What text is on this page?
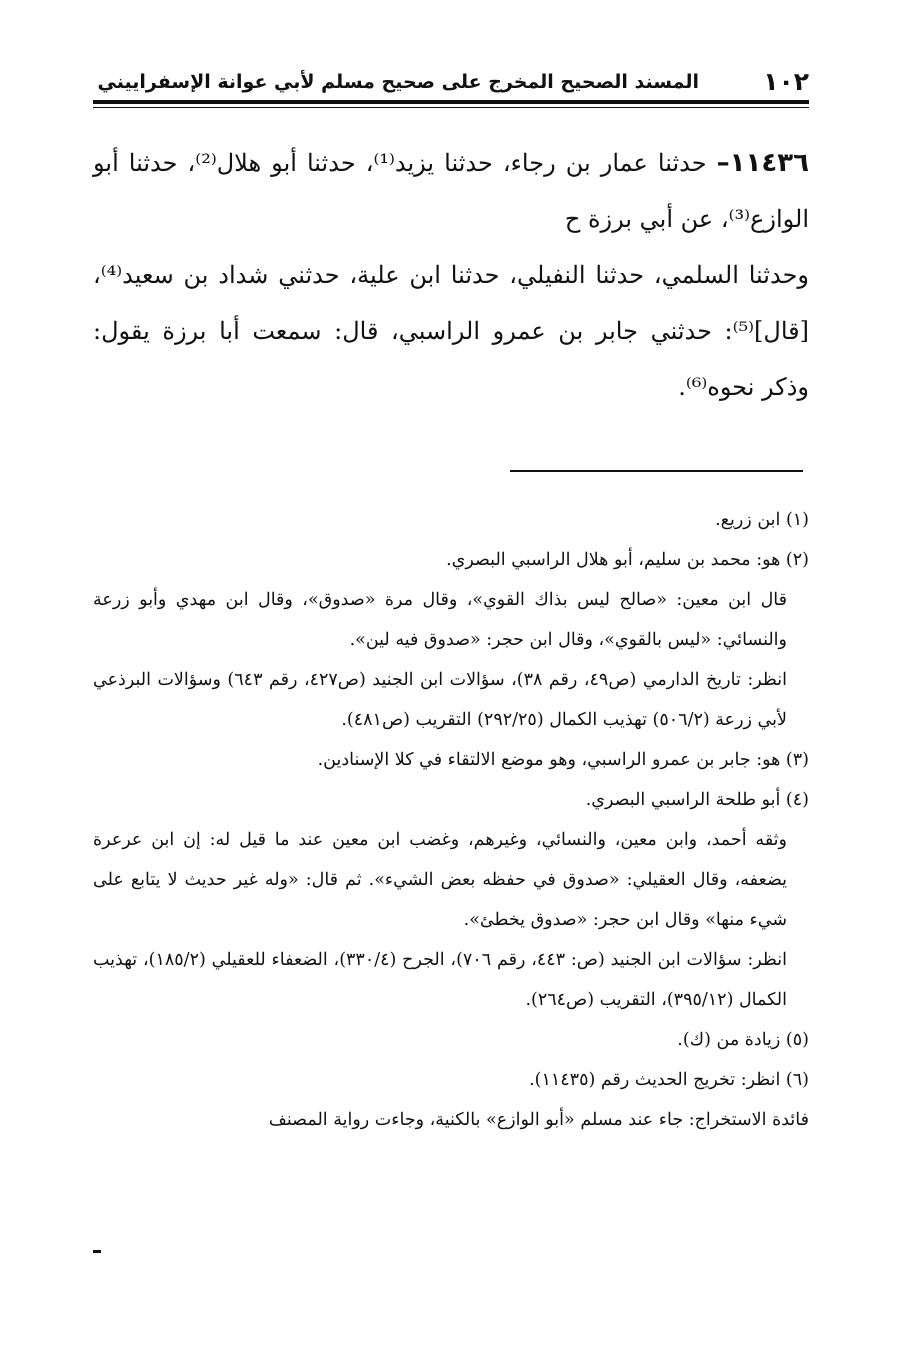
١٠٢
المسند الصحيح المخرج على صحيح مسلم لأبي عوانة الإسفراييني

١١٤٣٦– حدثنا عمار بن رجاء، حدثنا يزيد⁽¹⁾، حدثنا أبو هلال⁽²⁾، حدثنا أبو الوازع⁽³⁾، عن أبي برزة ح

وحدثنا السلمي، حدثنا النفيلي، حدثنا ابن علية، حدثني شداد بن سعيد⁽⁴⁾، [قال]⁽⁵⁾: حدثني جابر بن عمرو الراسبي، قال: سمعت أبا برزة يقول: وذكر نحوه⁽⁶⁾.

(١) ابن زريع.

(٢) هو: محمد بن سليم، أبو هلال الراسبي البصري.

قال ابن معين: «صالح ليس بذاك القوي»، وقال مرة «صدوق»، وقال ابن مهدي وأبو زرعة والنسائي: «ليس بالقوي»، وقال ابن حجر: «صدوق فيه لين».

انظر: تاريخ الدارمي (ص٤٩، رقم ٣٨)، سؤالات ابن الجنيد (ص٤٢٧، رقم ٦٤٣) وسؤالات البرذعي لأبي زرعة (٥٠٦/٢) تهذيب الكمال (٢٩٢/٢٥) التقريب (ص٤٨١).

(٣) هو: جابر بن عمرو الراسبي، وهو موضع الالتقاء في كلا الإسنادين.

(٤) أبو طلحة الراسبي البصري.

وثقه أحمد، وابن معين، والنسائي، وغيرهم، وغضب ابن معين عند ما قيل له: إن ابن عرعرة يضعفه، وقال العقيلي: «صدوق في حفظه بعض الشيء». ثم قال: «وله غير حديث لا يتابع على شيء منها» وقال ابن حجر: «صدوق يخطئ».

انظر: سؤالات ابن الجنيد (ص: ٤٤٣، رقم ٧٠٦)، الجرح (٣٣٠/٤)، الضعفاء للعقيلي (١٨٥/٢)، تهذيب الكمال (٣٩٥/١٢)، التقريب (ص٢٦٤).

(٥) زيادة من (ك).

(٦) انظر: تخريج الحديث رقم (١١٤٣٥).

فائدة الاستخراج: جاء عند مسلم «أبو الوازع» بالكنية، وجاءت رواية المصنف
